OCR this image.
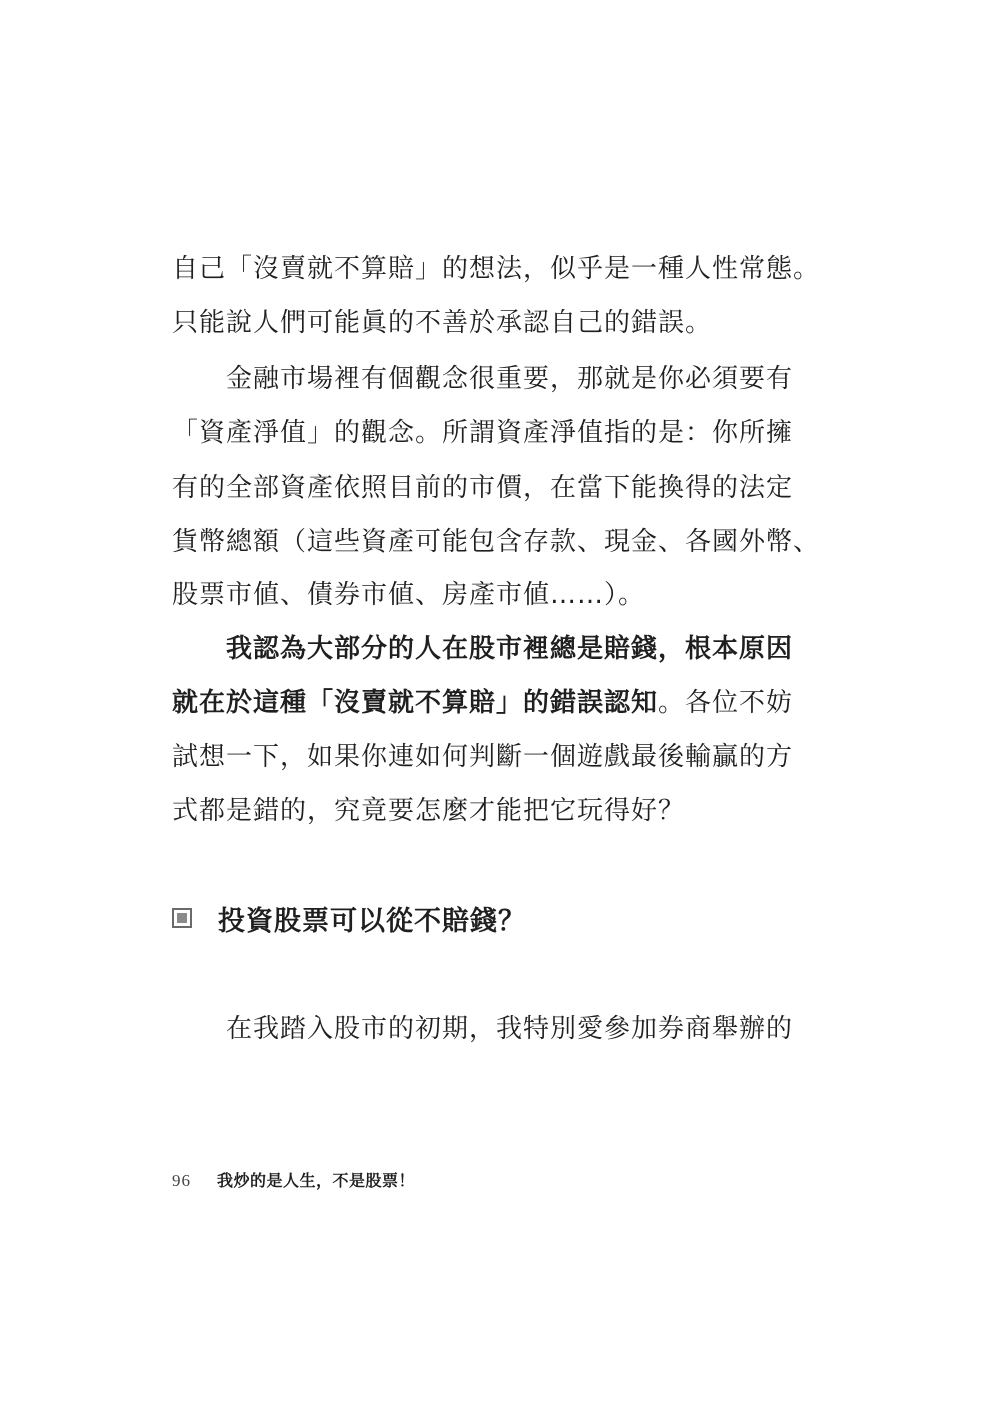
自己「沒賣就不算賠」的想法，似乎是一種人性常態。
只能說人們可能眞的不善於承認自己的錯誤。
金融市場裡有個觀念很重要，那就是你必須要有
「資產淨值」的觀念。所謂資產淨值指的是：你所擁
有的全部資產依照目前的市價，在當下能換得的法定
貨幣總額（這些資產可能包含存款、現金、各國外幣、
股票市値、債券市値、房產市値……）。
我認為大部分的人在股市裡總是賠錢，根本原因
就在於這種「沒賣就不算賠」的錯誤認知。各位不妨
試想一下，如果你連如何判斷一個遊戲最後輸贏的方
式都是錯的，究竟要怎麼才能把它玩得好？
投資股票可以從不賠錢？
在我踏入股市的初期，我特別愛參加券商舉辦的
96 我炒的是人生，不是股票！
